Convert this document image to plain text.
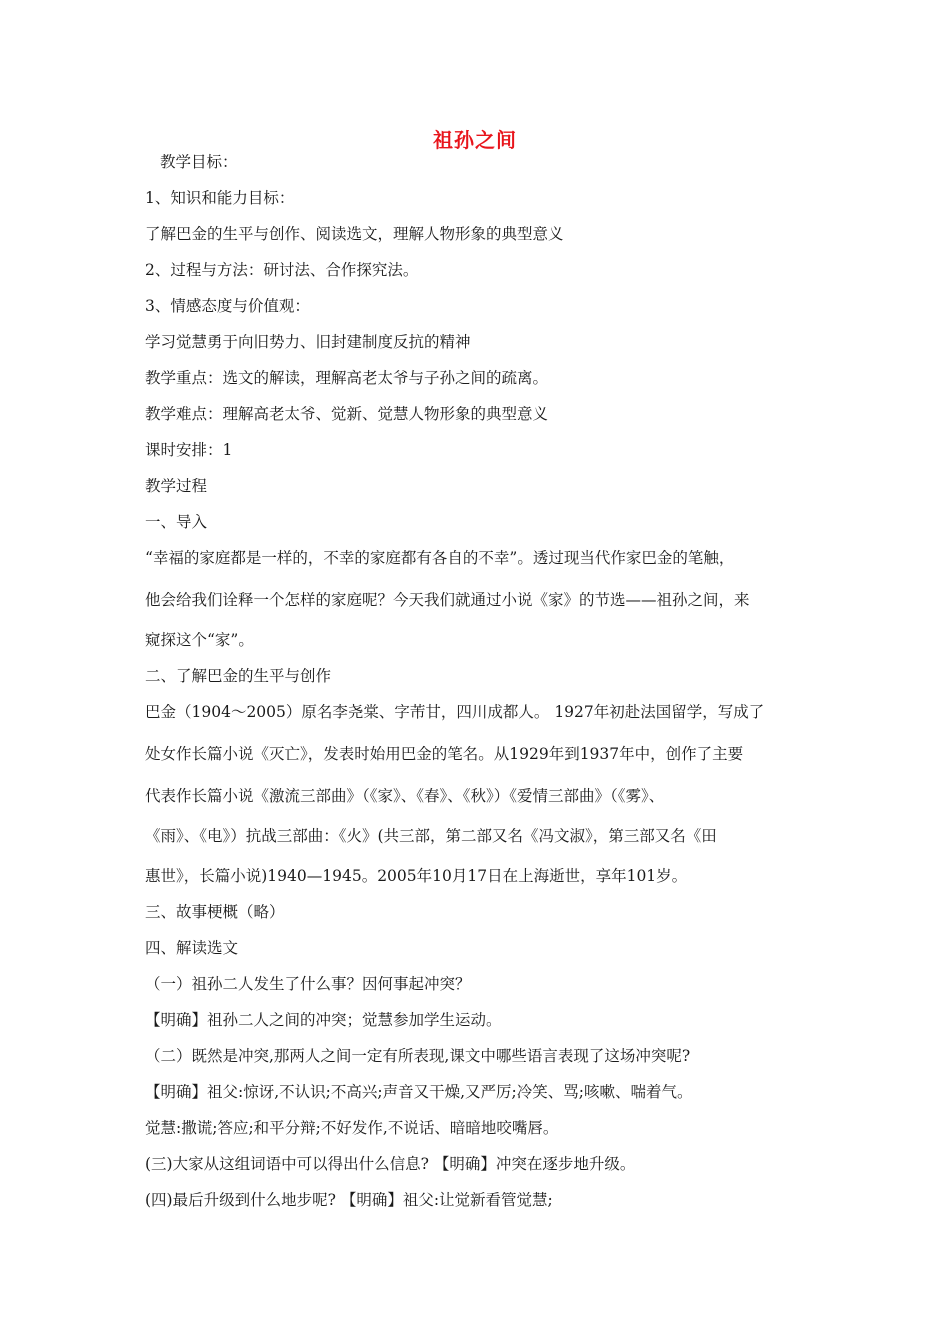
祖孙之间
教学目标：
1、知识和能力目标：
了解巴金的生平与创作、阅读选文，理解人物形象的典型意义
2、过程与方法：研讨法、合作探究法。
3、情感态度与价值观：
学习觉慧勇于向旧势力、旧封建制度反抗的精神
教学重点：选文的解读，理解高老太爷与子孙之间的疏离。
教学难点：理解高老太爷、觉新、觉慧人物形象的典型意义
课时安排：1
教学过程
一、导入
“幸福的家庭都是一样的，不幸的家庭都有各自的不幸”。透过现当代作家巴金的笔触，
他会给我们诠释一个怎样的家庭呢？今天我们就通过小说《家》的节选——祖孙之间，来
窥探这个“家”。
二、了解巴金的生平与创作
巴金（1904～2005）原名李尧棠、字芾甘，四川成都人。 1927年初赴法国留学，写成了
处女作长篇小说《灭亡》，发表时始用巴金的笔名。从1929年到1937年中，创作了主要
代表作长篇小说《激流三部曲》（《家》、《春》、《秋》）《爱情三部曲》（《雾》、
《雨》、《电》）抗战三部曲：《火》(共三部，第二部又名《冯文淑》，第三部又名《田
惠世》，长篇小说)1940—1945。2005年10月17日在上海逝世，享年101岁。
三、故事梗概（略）
四、解读选文
（一）祖孙二人发生了什么事？因何事起冲突？
【明确】祖孙二人之间的冲突；觉慧参加学生运动。
（二）既然是冲突,那两人之间一定有所表现,课文中哪些语言表现了这场冲突呢?
【明确】祖父:惊讶,不认识;不高兴;声音又干燥,又严厉;冷笑、骂;咳嗽、喘着气。
觉慧:撒谎;答应;和平分辩;不好发作,不说话、暗暗地咬嘴唇。
(三)大家从这组词语中可以得出什么信息? 【明确】冲突在逐步地升级。
(四)最后升级到什么地步呢? 【明确】祖父:让觉新看管觉慧;
